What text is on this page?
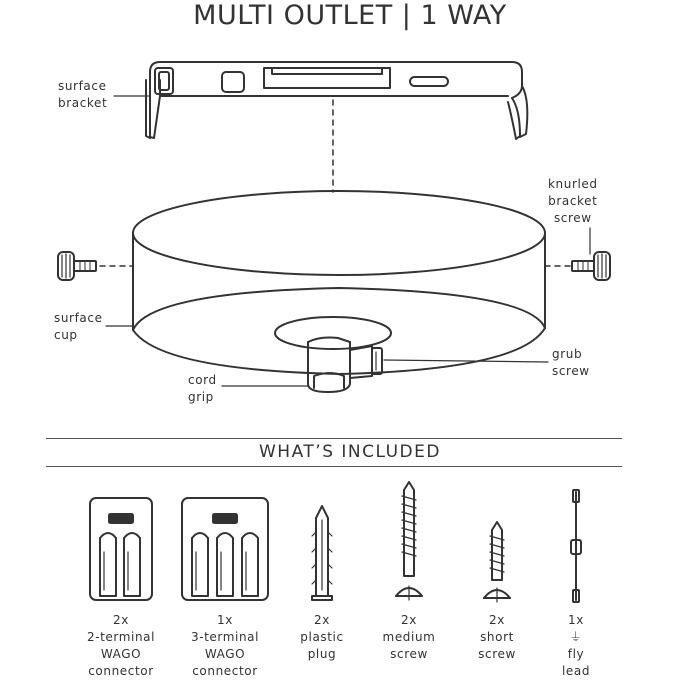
MULTI OUTLET | 1 WAY
surface
bracket
knurled
bracket
screw
surface
cup
grub
screw
cord
grip
WHAT’S INCLUDED
2x
2-terminal
WAGO
connector
1x
3-terminal
WAGO
connector
2x
plastic
plug
2x
medium
screw
2x
short
screw
1x
⏚
fly
lead
